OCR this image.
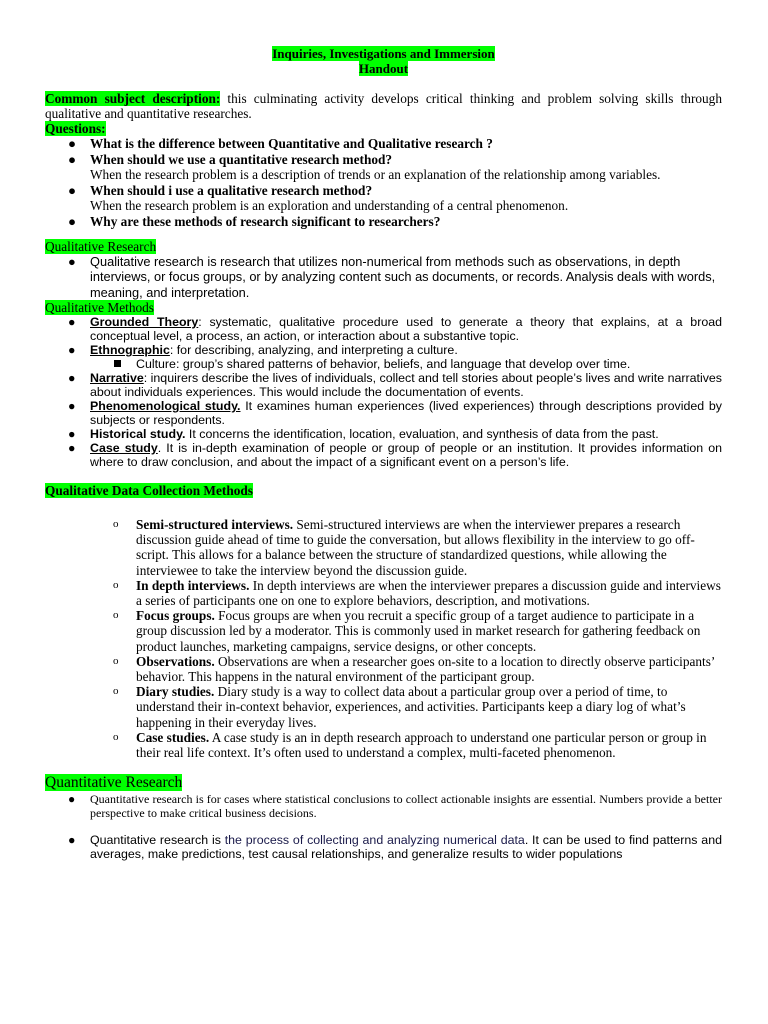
Inquiries, Investigations and Immersion
Handout

Common subject description: this culminating activity develops critical thinking and problem solving skills through qualitative and quantitative researches.

Questions:
● What is the difference between Quantitative and Qualitative research ?
● When should we use a quantitative research method?
When the research problem is a description of trends or an explanation of the relationship among variables.
● When should i use a qualitative research method?
When the research problem is an exploration and understanding of a central phenomenon.
● Why are these methods of research significant to researchers?
Qualitative Research
● Qualitative research is research that utilizes non-numerical from methods such as observations, in depth interviews, or focus groups, or by analyzing content such as documents, or records. Analysis deals with words, meaning, and interpretation.
Qualitative Methods
● Grounded Theory: systematic, qualitative procedure used to generate a theory that explains, at a broad conceptual level, a process, an action, or interaction about a substantive topic.
● Ethnographic: for describing, analyzing, and interpreting a culture.
Culture: group’s shared patterns of behavior, beliefs, and language that develop over time.
● Narrative: inquirers describe the lives of individuals, collect and tell stories about people’s lives and write narratives about individuals experiences. This would include the documentation of events.
● Phenomenological study. It examines human experiences (lived experiences) through descriptions provided by subjects or respondents.
● Historical study. It concerns the identification, location, evaluation, and synthesis of data from the past.
● Case study. It is in-depth examination of people or group of people or an institution. It provides information on where to draw conclusion, and about the impact of a significant event on a person’s life.
Qualitative Data Collection Methods
o Semi-structured interviews. Semi-structured interviews are when the interviewer prepares a research discussion guide ahead of time to guide the conversation, but allows flexibility in the interview to go off-script. This allows for a balance between the structure of standardized questions, while allowing the interviewee to take the interview beyond the discussion guide.
o In depth interviews. In depth interviews are when the interviewer prepares a discussion guide and interviews a series of participants one on one to explore behaviors, description, and motivations.
o Focus groups. Focus groups are when you recruit a specific group of a target audience to participate in a group discussion led by a moderator. This is commonly used in market research for gathering feedback on product launches, marketing campaigns, service designs, or other concepts.
o Observations. Observations are when a researcher goes on-site to a location to directly observe participants’ behavior. This happens in the natural environment of the participant group.
o Diary studies. Diary study is a way to collect data about a particular group over a period of time, to understand their in-context behavior, experiences, and activities. Participants keep a diary log of what’s happening in their everyday lives.
o Case studies. A case study is an in depth research approach to understand one particular person or group in their real life context. It’s often used to understand a complex, multi-faceted phenomenon.
Quantitative Research
● Quantitative research is for cases where statistical conclusions to collect actionable insights are essential. Numbers provide a better perspective to make critical business decisions.
● Quantitative research is the process of collecting and analyzing numerical data. It can be used to find patterns and averages, make predictions, test causal relationships, and generalize results to wider populations
